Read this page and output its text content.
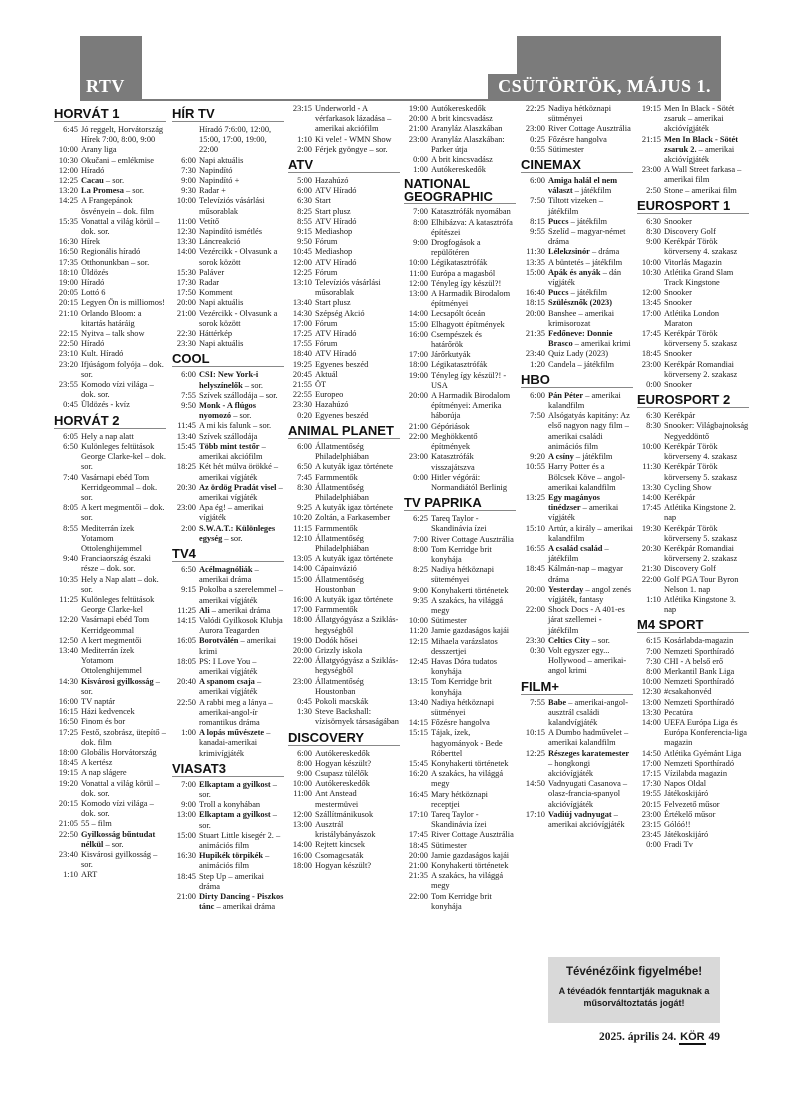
RTV	CSÜTÖRTÖK, MÁJUS 1.
HORVÁT 1
6:45 Jó reggelt, Horvátország
Hírek 7:00, 8:00, 9:00
10:00 Arany liga
10:30 Okučani – emlékmise
12:00 Híradó
12:25 Cacau – sor.
13:20 La Promesa – sor.
14:25 A Frangepánok ösvényein – dok. film
15:35 Vonattal a világ körül – dok. sor.
16:30 Hírek
16:50 Regionális híradó
17:35 Otthonunkban – sor.
18:10 Üldözés
19:00 Híradó
20:05 Lottó 6
20:15 Legyen Ön is milliomos!
21:10 Orlando Bloom: a kitartás határáig
22:15 Nyitva – talk show
22:50 Híradó
23:10 Kult. Híradó
23:20 Ifjúságom folyója – dok. sor.
23:55 Komodo vízi világa – dok. sor.
0:45 Üldözés - kvíz
HORVÁT 2
6:05 Hely a nap alatt
6:50 Kulönleges feltütások George Clarke-kel – dok. sor.
7:40 Vasárnapi ebéd Tom Kerridgeommal – dok. sor.
8:05 A kert megmentői – dok. sor.
8:55 Mediterrán ízek Yotamom Ottolenghijemmel
9:40 Franciaország északi része – dok. sor.
10:35 Hely a Nap alatt – dok. sor.
11:25 Kulönleges feltütások George Clarke-kel
12:20 Vasárnapi ebéd Tom Kerridgeommal
12:50 A kert megmentői
13:40 Mediterrán ízek Yotamom Ottolenghijemmel
14:30 Kisvárosi gyilkosság – sor.
16:00 TV naptár
16:15 Házi kedvencek
16:50 Finom és bor
17:25 Festő, szobrász, ütepítő – dok. film
18:00 Globális Horvátország
18:45 A kertész
19:15 A nap slágere
19:20 Vonattal a világ körül – dok. sor.
20:15 Komodo vízi világa – dok. sor.
21:05 55 – film
22:50 Gyilkosság bűntudat nélkül – sor.
23:40 Kisvárosi gyilkosság – sor.
1:10 ART
HÍR TV
Híradó 7:6:00, 12:00, 15:00, 17:00, 19:00, 22:00
6:00 Napi aktuális
7:30 Napindító
9:00 Napindító +
9:30 Radar +
10:00 Televíziós vásárlási műsorablak
11:00 Vetítő
12:30 Napindító ismétlés
13:30 Láncreakció
14:00 Vezércikk - Olvasunk a sorok között
15:30 Paláver
17:30 Radar
17:50 Komment
20:00 Napi aktuális
21:00 Vezércikk - Olvasunk a sorok között
22:30 Háttérkép
23:30 Napi aktuális
COOL
6:00 CSI: New York-i helyszínelők – sor.
7:55 Szívek szállodája – sor.
9:50 Monk - A flúgos nyomozó – sor.
11:45 A mi kis falunk – sor.
13:40 Szívek szállodája
15:45 Több mint testőr – amerikai akciófilm
18:25 Két hét múlva örökké – amerikai vígjáték
20:30 Az ördög Pradát visel – amerikai vígjáték
23:00 Apa ég! – amerikai vígjáték
2:00 S.W.A.T.: Különleges egység – sor.
TV4
6:50 Acélmagnóliák – amerikai dráma
9:15 Pokolba a szerelemmel – amerikai vígjáték
11:25 Ali – amerikai dráma
14:15 Valódi Gyilkosok Klubja Aurora Teagarden
16:05 Borotválén – amerikai krimi
18:05 PS: I Love You – amerikai vígjáték
20:40 A spanom csaja – amerikai vígjáték
22:50 A rabbi meg a lánya – amerikai-angol-ír romantikus dráma
1:00 A lopás művészete – kanadai-amerikai krimivígjáték
VIASAT3
7:00 Elkaptam a gyilkost – sor.
9:00 Troll a konyhában
13:00 Elkaptam a gyilkost – sor.
15:00 Stuart Little kisegér 2. – animációs film
16:30 Hupikék törpikék – animációs film
18:45 Step Up – amerikai dráma
21:00 Dirty Dancing - Piszkos tánc – amerikai dráma
23:15 Underworld - A vérfarkasok lázadása – amerikai akciófilm
1:10 Ki vele! - WMN Show
2:00 Férjek gyöngye – sor.
ATV
5:00 Hazahúzó
6:00 ATV Híradó
6:30 Start
8:25 Start plusz
8:55 ATV Híradó
9:15 Mediashop
9:50 Fórum
10:45 Mediashop
12:00 ATV Híradó
12:25 Fórum
13:10 Televíziós vásárlási műsorablak
13:40 Start plusz
14:30 Szépség Akció
17:00 Fórum
17:25 ATV Híradó
17:55 Fórum
18:40 ATV Híradó
19:25 Egyenes beszéd
20:45 Aktuál
21:55 ÖT
22:55 Europeo
23:30 Hazahúzó
0:20 Egyenes beszéd
ANIMAL PLANET
6:00 Állatmentőség Philadelphiában
6:50 A kutyák igaz története
7:45 Farmmentők
8:30 Állatmentőség Philadelphiában
9:25 A kutyák igaz története
10:20 Zoltán, a Farkasember
11:15 Farmmentők
12:10 Állatmentőség Philadelphiában
13:05 A kutyák igaz története
14:00 Cápainvázió
15:00 Állatmentőség Houstonban
16:00 A kutyák igaz története
17:00 Farmmentők
18:00 Állatgyógyász a Sziklás-hegységből
19:00 Dodók hősei
20:00 Grizzly iskola
22:00 Állatgyógyász a Sziklás-hegységből
23:00 Állatmentőség Houstonban
0:45 Pokoli macskák
1:30 Steve Backshall: vízisörnyek társaságában
DISCOVERY
6:00 Autókereskedők
8:00 Hogyan készült?
9:00 Csupasz túlélők
10:00 Autókereskedők
11:00 Ant Anstead mestermüvei
12:00 Szállítmánikusok
13:00 Ausztrál kristálybányászok
14:00 Rejtett kincsek
16:00 Csomagcsaták
18:00 Hogyan készült?
19:00 Autókereskedők
20:00 A brit kincsvadász
21:00 Aranyláz Alaszkában
23:00 Aranyláz Alaszkában: Parker útja
0:00 A brit kincsvadász
1:00 Autókereskedők
NATIONAL GEOGRAPHIC
7:00 Katasztrófák nyomában
8:00 Elhibázva: A katasztrófa építészei
9:00 Drogfogások a repülőtéren
10:00 Légikatasztrófák
11:00 Európa a magasból
12:00 Tényleg így készül?!
13:00 A Harmadik Birodalom építményei
14:00 Lecsapólt óceán
15:00 Elhagyott építmények
16:00 Csempészek és határőrök
17:00 Járőrkutyák
18:00 Légikatasztrófák
19:00 Tényleg így készül?! - USA
20:00 A Harmadik Birodalom építményei: Amerika háborúja
21:00 Gépóriások
22:00 Meghökkentő építmények
23:00 Katasztrófák visszajátszva
0:00 Hitler végórái: Normandiától Berlinig
TV PAPRIKA
6:25 Tareq Taylor - Skandinávia ízei
7:00 River Cottage Ausztrália
8:00 Tom Kerridge brit konyhája
8:25 Nadiya hétköznapi süteményei
9:00 Konyhakerti történetek
9:35 A szakács, ha világgá megy
10:00 Sütimester
11:20 Jamie gazdaságos kajái
12:15 Mihaela varázslatos desszertjei
12:45 Havas Dóra tudatos konyhája
13:15 Tom Kerridge brit konyhája
13:40 Nadiya hétköznapi sütményei
14:15 Főzésre hangolva
15:15 Tájak, ízek, hagyományok - Bede Róberttel
15:45 Konyhakerti történetek
16:20 A szakács, ha világgá megy
16:45 Mary hétköznapi receptjei
17:10 Tareq Taylor - Skandinávia ízei
17:45 River Cottage Ausztrália
18:45 Sütimester
20:00 Jamie gazdaságos kajái
21:00 Konyhakerti történetek
21:35 A szakács, ha világgá megy
22:00 Tom Kerridge brit konyhája
22:25 Nadiya hétköznapi sütményei
23:00 River Cottage Ausztrália
0:25 Főzésre hangolva
0:55 Sütimester
CINEMAX
6:00 Amiga halál el nem választ – játékfilm
7:50 Tiltott vizeken – játékfilm
8:15 Puccs – játékfilm
9:55 Szelíd – magyar-német dráma
11:30 Lélekzsinór – dráma
13:35 A büntetés – játékfilm
15:00 Apák és anyák – dán vígjáték
16:40 Puccs – játékfilm
18:15 Szülésznők (2023)
20:00 Banshee – amerikai krimisorozat
21:35 Fedőneve: Donnie Brasco – amerikai krimi
23:40 Quiz Lady (2023)
1:20 Candela – játékfilm
HBO
6:00 Pán Péter – amerikai kalandfilm
7:50 Alsógatyás kapitány: Az első nagyon nagy film – amerikai családi animációs film
9:20 A csíny – játékfilm
10:55 Harry Potter és a Bölcsek Köve – angol-amerikai kalandfilm
13:25 Egy magányos tinédzser – amerikai vígjáték
15:10 Artúr, a király – amerikai kalandfilm
16:55 A család család – játékfilm
18:45 Kálmán-nap – magyar dráma
20:00 Yesterday – angol zenés vígjáték, fantasy
22:00 Shock Docs - A 401-es járat szellemei - játékfilm
23:30 Celtics City – sor.
0:30 Volt egyszer egy... Hollywood – amerikai-angol krimi
FILM+
7:55 Babe – amerikai-angol-ausztrál családi kalandvígjáték
10:15 A Dumbo hadművelet – amerikai kalandfilm
12:25 Részeges karatemester – hongkongi akcióvígjáték
14:50 Vadnyugati Casanova – olasz-francia-spanyol akcióvígjáték
17:10 Vadiúj vadnyugat – amerikai akcióvígjáték
19:15 Men In Black - Sötét zsaruk – amerikai akcióvígjáték
21:15 Men In Black - Sötét zsaruk 2. – amerikai akcióvígjáték
23:00 A Wall Street farkasa – amerikai film
2:50 Stone – amerikai film
EUROSPORT 1
6:30 Snooker
8:30 Discovery Golf
9:00 Kerékpár Török körverseny 4. szakasz
10:00 Vitorlás Magazin
10:30 Atlétika Grand Slam Track Kingstone
12:00 Snooker
13:45 Snooker
17:00 Atlétika London Maraton
17:45 Kerékpár Török körverseny 5. szakasz
18:45 Snooker
23:00 Kerékpár Romandiai körverseny 2. szakasz
0:00 Snooker
EUROSPORT 2
6:30 Kerékpár
8:30 Snooker: Világbajnokság Negyeddöntő
10:00 Kerékpár Török körverseny 4. szakasz
11:30 Kerékpár Török körverseny 5. szakasz
13:30 Cycling Show
14:00 Kerékpár
17:45 Atlétika Kingstone 2. nap
19:30 Kerékpár Török körverseny 5. szakasz
20:30 Kerékpár Romandiai körverseny 2. szakasz
21:30 Discovery Golf
22:00 Golf PGA Tour Byron Nelson 1. nap
1:10 Atlétika Kingstone 3. nap
M4 SPORT
6:15 Kosárlabda-magazin
7:00 Nemzeti Sporthíradó
7:30 CHI - A belső erő
8:00 Merkantil Bank Liga
10:00 Nemzeti Sporthíradó
12:30 #csakahonvéd
13:00 Nemzeti Sporthíradó
13:30 Pecatúra
14:00 UEFA Európa Liga és Európa Konferencia-liga magazin
14:50 Atlétika Gyémánt Liga
17:00 Nemzeti Sporthíradó
17:15 Vízilabda magazin
17:30 Napos Oldal
19:55 Játékoskijáró
20:15 Felvezető műsor
23:00 Értékelő műsor
23:15 Gólóó!!
23:45 Játékoskijáró
0:00 Fradi Tv
Tévénézőink figyelmébe!
A tévéadók fenntartják maguknak a műsorváltoztatás jogát!
2025. április 24. KÖR 49
